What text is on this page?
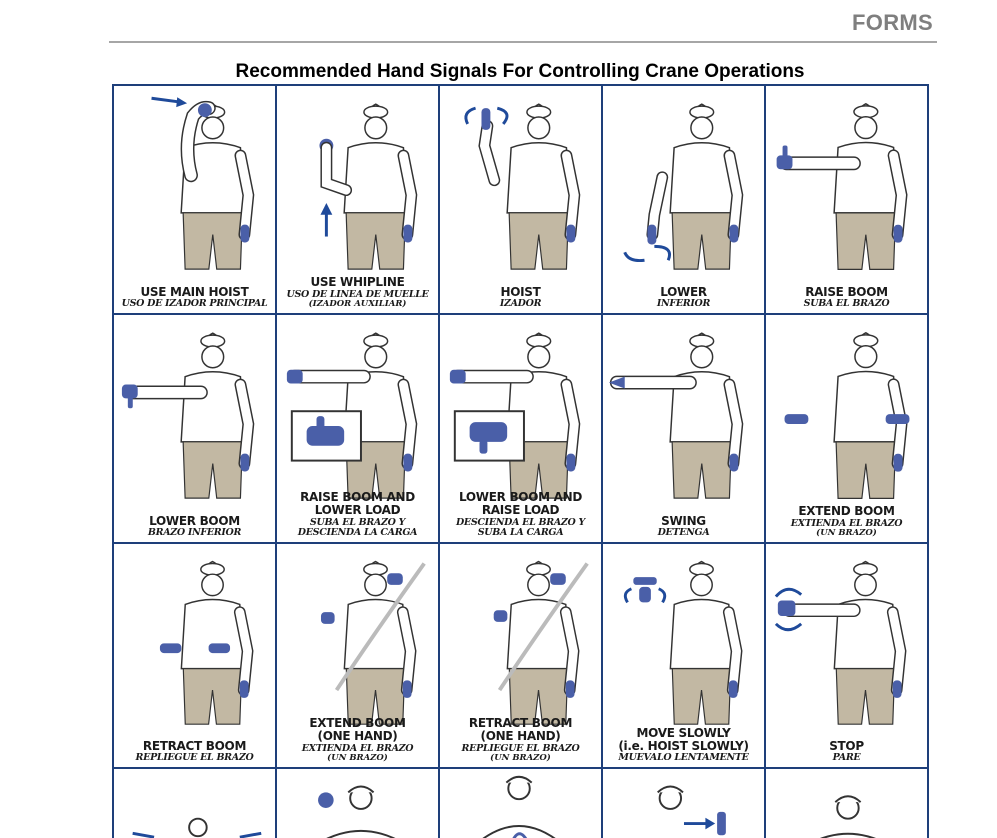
FORMS
Recommended Hand Signals For Controlling Crane Operations
USE MAIN HOIST
USO DE IZADOR PRINCIPAL
USE WHIPLINE
USO DE LINEA DE MUELLE
(IZADOR AUXILIAR)
HOIST
IZADOR
LOWER
INFERIOR
RAISE BOOM
SUBA EL BRAZO
LOWER BOOM
BRAZO INFERIOR
RAISE BOOM AND
LOWER LOAD
SUBA EL BRAZO Y
DESCIENDA LA CARGA
LOWER BOOM AND
RAISE LOAD
DESCIENDA EL BRAZO Y
SUBA LA CARGA
SWING
DETENGA
EXTEND BOOM
EXTIENDA EL BRAZO
(UN BRAZO)
RETRACT BOOM
REPLIEGUE EL BRAZO
EXTEND BOOM
(ONE HAND)
EXTIENDA EL BRAZO
(UN BRAZO)
RETRACT BOOM
(ONE HAND)
REPLIEGUE EL BRAZO
(UN BRAZO)
MOVE SLOWLY
(i.e. HOIST SLOWLY)
MUEVALO LENTAMENTE
STOP
PARE
